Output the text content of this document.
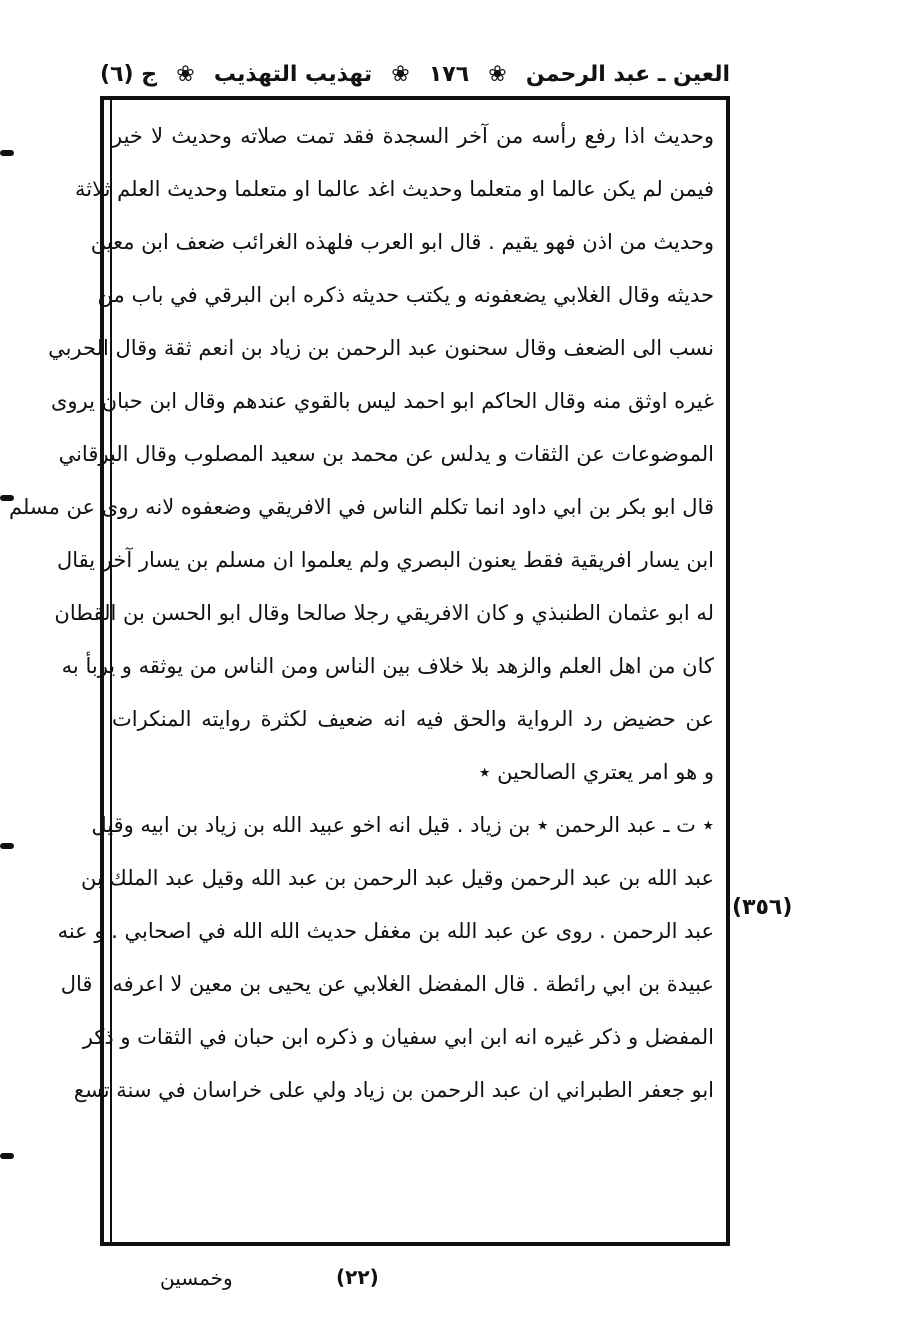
العين ـ عبد الرحمن
❀
١٧٦
❀
تهذيب التهذيب
❀
ج (٦)
وحديث اذا رفع رأسه من آخر السجدة فقد تمت صلاته وحديث لا خير
فيمن لم يكن عالما او متعلما وحديث اغد عالما او متعلما وحديث العلم ثلاثة
وحديث من اذن فهو يقيم . قال ابو العرب فلهذه الغرائب ضعف ابن معين
حديثه وقال الغلابي يضعفونه و يكتب حديثه ذكره ابن البرقي في باب من
نسب الى الضعف وقال سحنون عبد الرحمن بن زياد بن انعم ثقة وقال الحربي
غيره اوثق منه وقال الحاكم ابو احمد ليس بالقوي عندهم وقال ابن حبان يروى
الموضوعات عن الثقات و يدلس عن محمد بن سعيد المصلوب وقال البرقاني
قال ابو بكر بن ابي داود انما تكلم الناس في الافريقي وضعفوه لانه روى عن مسلم
ابن يسار افريقية فقط يعنون البصري ولم يعلموا ان مسلم بن يسار آخر يقال
له ابو عثمان الطنبذي و كان الافريقي رجلا صالحا وقال ابو الحسن بن القطان
كان من اهل العلم والزهد بلا خلاف بين الناس ومن الناس من يوثقه و يربأ به
عن حضيض رد الرواية والحق فيه انه ضعيف لكثرة روايته المنكرات
و هو امر يعتري الصالحين ٭
٭ ت ـ عبد الرحمن ٭ بن زياد . قيل انه اخو عبيد الله بن زياد بن ابيه وقيل
عبد الله بن عبد الرحمن وقيل عبد الرحمن بن عبد الله وقيل عبد الملك بن
عبد الرحمن . روى عن عبد الله بن مغفل حديث الله الله في اصحابي . و عنه
عبيدة بن ابي رائطة . قال المفضل الغلابي عن يحيى بن معين لا اعرفه . قال
المفضل و ذكر غيره انه ابن ابي سفيان و ذكره ابن حبان في الثقات و ذكر
ابو جعفر الطبراني ان عبد الرحمن بن زياد ولي على خراسان في سنة تسع
(٣٥٦)
وخمسين	(٢٢)
